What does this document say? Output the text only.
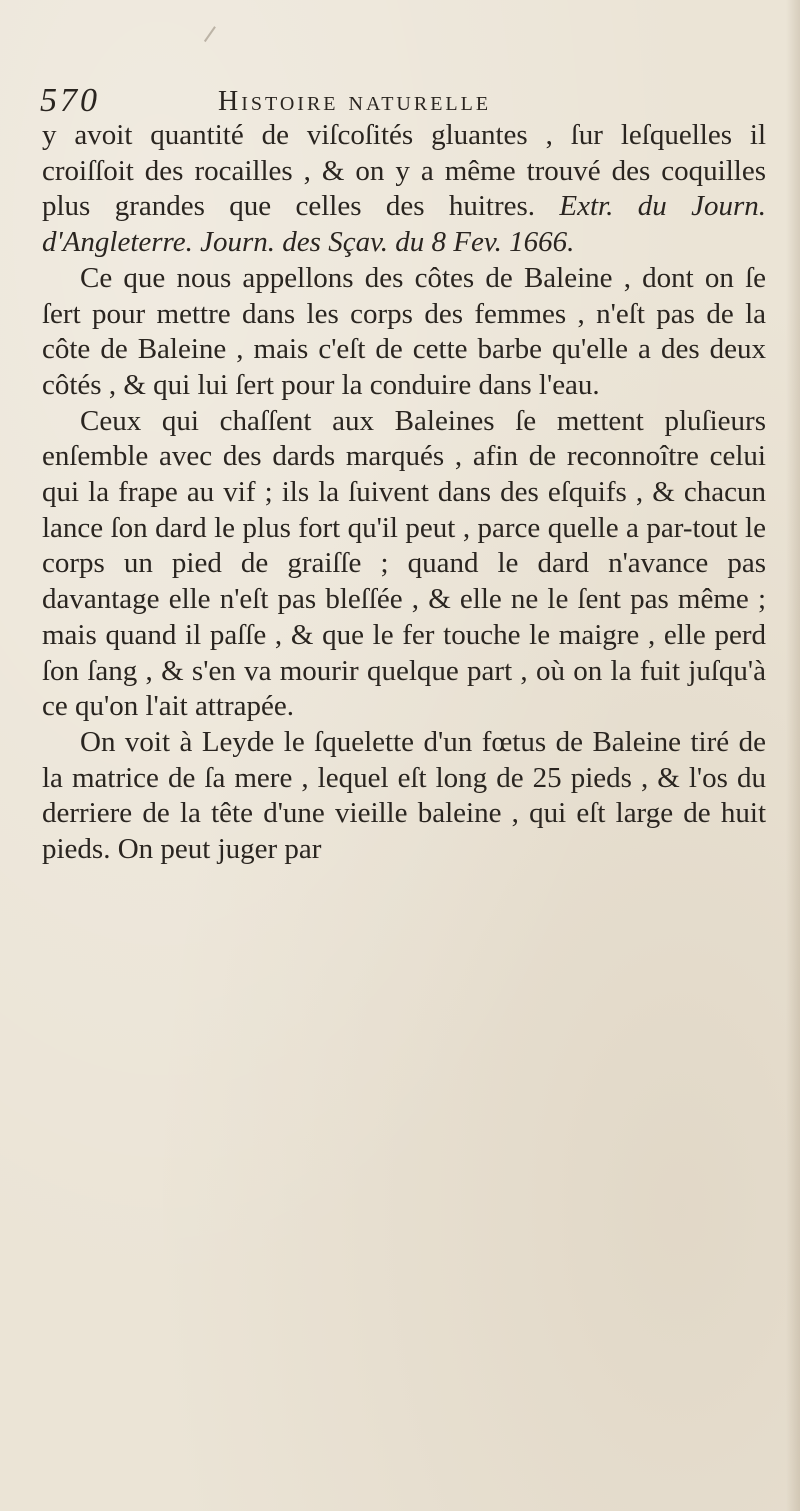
570	Histoire naturelle

y avoit quantité de viſcoſités gluantes , ſur leſquelles il croiſſoit des rocailles , & on y a même trouvé des coquilles plus grandes que celles des huitres. Extr. du Journ. d'Angleterre. Journ. des Sçav. du 8 Fev. 1666.

Ce que nous appellons des côtes de Baleine , dont on ſe ſert pour mettre dans les corps des femmes , n'eſt pas de la côte de Baleine , mais c'eſt de cette barbe qu'elle a des deux côtés , & qui lui ſert pour la conduire dans l'eau.

Ceux qui chaſſent aux Baleines ſe mettent pluſieurs enſemble avec des dards marqués , afin de reconnoître celui qui la frape au vif ; ils la ſuivent dans des eſquifs , & chacun lance ſon dard le plus fort qu'il peut , parce quelle a par-tout le corps un pied de graiſſe ; quand le dard n'avance pas davantage elle n'eſt pas bleſſée , & elle ne le ſent pas même ; mais quand il paſſe , & que le fer touche le maigre , elle perd ſon ſang , & s'en va mourir quelque part , où on la fuit juſqu'à ce qu'on l'ait attrapée.

On voit à Leyde le ſquelette d'un fœtus de Baleine tiré de la matrice de ſa mere , lequel eſt long de 25 pieds , & l'os du derriere de la tête d'une vieille baleine , qui eſt large de huit pieds. On peut juger par
